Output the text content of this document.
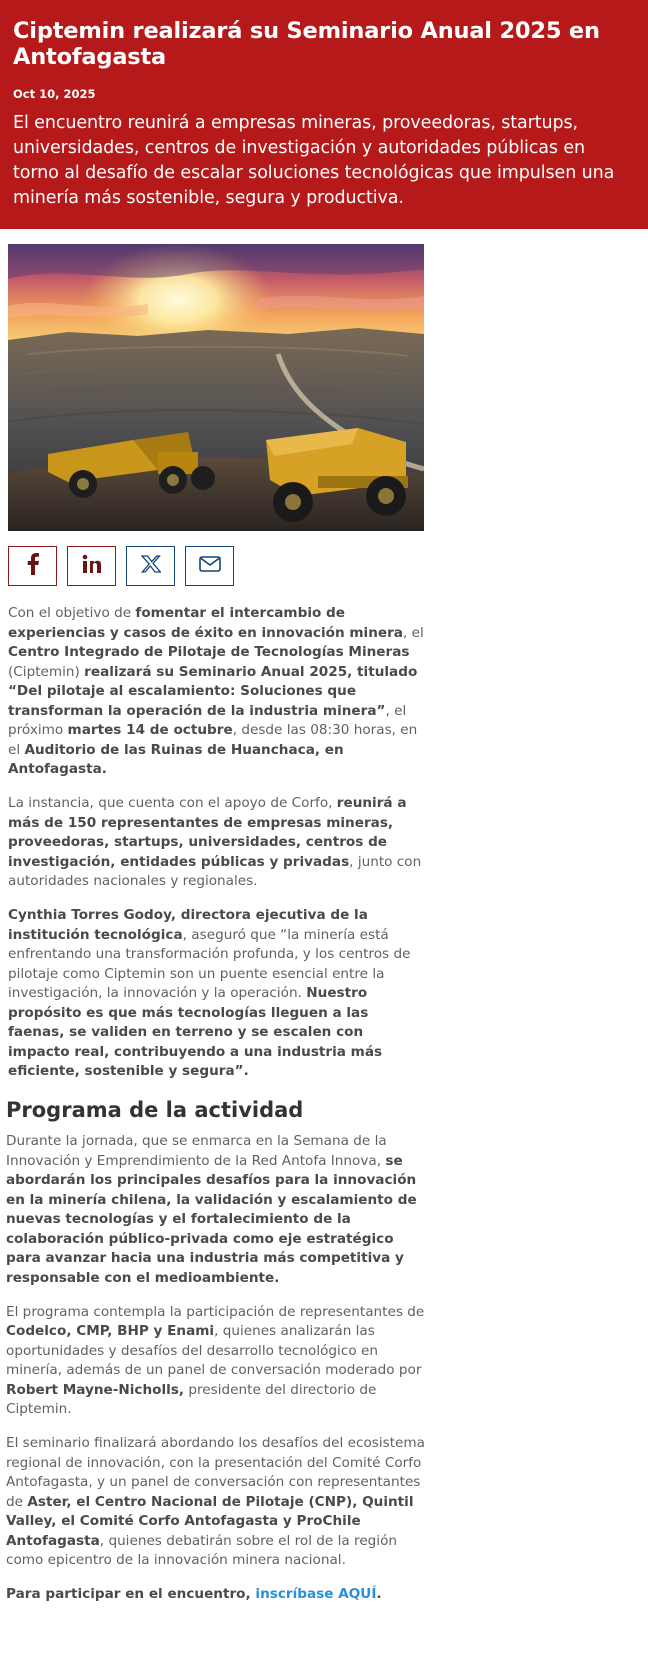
Ciptemin realizará su Seminario Anual 2025 en Antofagasta
Oct 10, 2025

El encuentro reunirá a empresas mineras, proveedoras, startups, universidades, centros de investigación y autoridades públicas en torno al desafío de escalar soluciones tecnológicas que impulsen una minería más sostenible, segura y productiva.

Con el objetivo de fomentar el intercambio de experiencias y casos de éxito en innovación minera, el Centro Integrado de Pilotaje de Tecnologías Mineras (Ciptemin) realizará su Seminario Anual 2025, titulado “Del pilotaje al escalamiento: Soluciones que transforman la operación de la industria minera”, el próximo martes 14 de octubre, desde las 08:30 horas, en el Auditorio de las Ruinas de Huanchaca, en Antofagasta.

La instancia, que cuenta con el apoyo de Corfo, reunirá a más de 150 representantes de empresas mineras, proveedoras, startups, universidades, centros de investigación, entidades públicas y privadas, junto con autoridades nacionales y regionales.

Cynthia Torres Godoy, directora ejecutiva de la institución tecnológica, aseguró que “la minería está enfrentando una transformación profunda, y los centros de pilotaje como Ciptemin son un puente esencial entre la investigación, la innovación y la operación. Nuestro propósito es que más tecnologías lleguen a las faenas, se validen en terreno y se escalen con impacto real, contribuyendo a una industria más eficiente, sostenible y segura”.

Programa de la actividad

Durante la jornada, que se enmarca en la Semana de la Innovación y Emprendimiento de la Red Antofa Innova, se abordarán los principales desafíos para la innovación en la minería chilena, la validación y escalamiento de nuevas tecnologías y el fortalecimiento de la colaboración público-privada como eje estratégico para avanzar hacia una industria más competitiva y responsable con el medioambiente.

El programa contempla la participación de representantes de Codelco, CMP, BHP y Enami, quienes analizarán las oportunidades y desafíos del desarrollo tecnológico en minería, además de un panel de conversación moderado por Robert Mayne-Nicholls, presidente del directorio de Ciptemin.

El seminario finalizará abordando los desafíos del ecosistema regional de innovación, con la presentación del Comité Corfo Antofagasta, y un panel de conversación con representantes de Aster, el Centro Nacional de Pilotaje (CNP), Quintil Valley, el Comité Corfo Antofagasta y ProChile Antofagasta, quienes debatirán sobre el rol de la región como epicentro de la innovación minera nacional.

Para participar en el encuentro, inscríbase AQUÍ.
